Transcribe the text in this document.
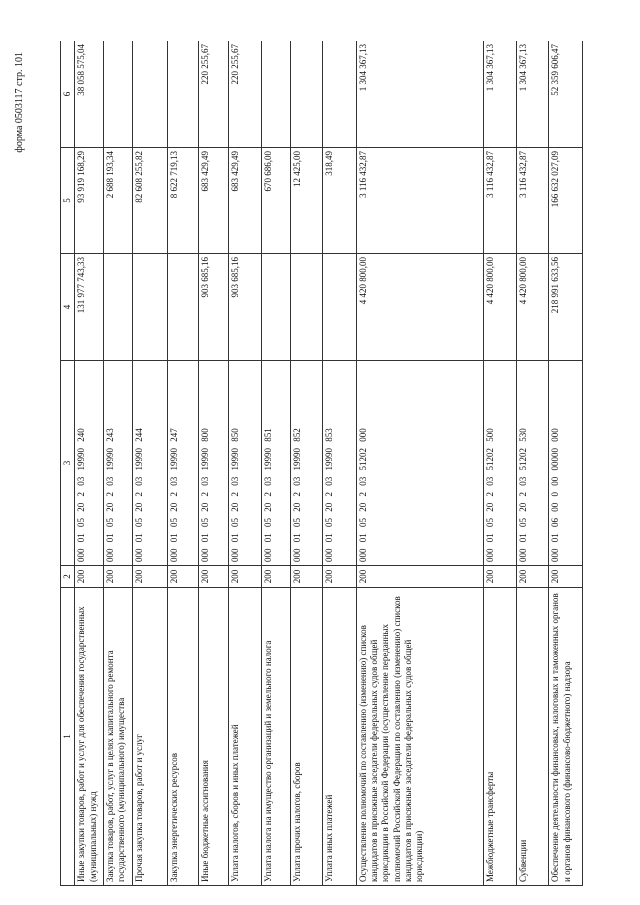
форма 0503117 стр. 101
1	2	3	4	5	6
Иные закупки товаров, работ и услуг для обеспечения государственных (муниципальных) нужд	200	000 01 05 20 2 03 19990 240	131 977 743,33	93 919 168,29	38 058 575,04
Закупка товаров, работ, услуг в целях капитального ремонта государственного (муниципального) имущества	200	000 01 05 20 2 03 19990 243		2 688 193,34	
Прочая закупка товаров, работ и услуг	200	000 01 05 20 2 03 19990 244		82 608 255,82	
Закупка энергетических ресурсов	200	000 01 05 20 2 03 19990 247		8 622 719,13	
Иные бюджетные ассигнования	200	000 01 05 20 2 03 19990 800	903 685,16	683 429,49	220 255,67
Уплата налогов, сборов и иных платежей	200	000 01 05 20 2 03 19990 850	903 685,16	683 429,49	220 255,67
Уплата налога на имущество организаций и земельного налога	200	000 01 05 20 2 03 19990 851		670 686,00	
Уплата прочих налогов, сборов	200	000 01 05 20 2 03 19990 852		12 425,00	
Уплата иных платежей	200	000 01 05 20 2 03 19990 853		318,49	
Осуществление полномочий по составлению (изменению) списков кандидатов в присяжные заседатели федеральных судов общей юрисдикции в Российской Федерации (осуществление переданных полномочий Российской Федерации по составлению (изменению) списков кандидатов в присяжные заседатели федеральных судов общей юрисдикции)	200	000 01 05 20 2 03 51202 000	4 420 800,00	3 116 432,87	1 304 367,13
Межбюджетные трансферты	200	000 01 05 20 2 03 51202 500	4 420 800,00	3 116 432,87	1 304 367,13
Субвенции	200	000 01 05 20 2 03 51202 530	4 420 800,00	3 116 432,87	1 304 367,13
Обеспечение деятельности финансовых, налоговых и таможенных органов и органов финансового (финансово-бюджетного) надзора	200	000 01 06 00 0 00 00000 000	218 991 633,56	166 632 027,09	52 359 606,47
